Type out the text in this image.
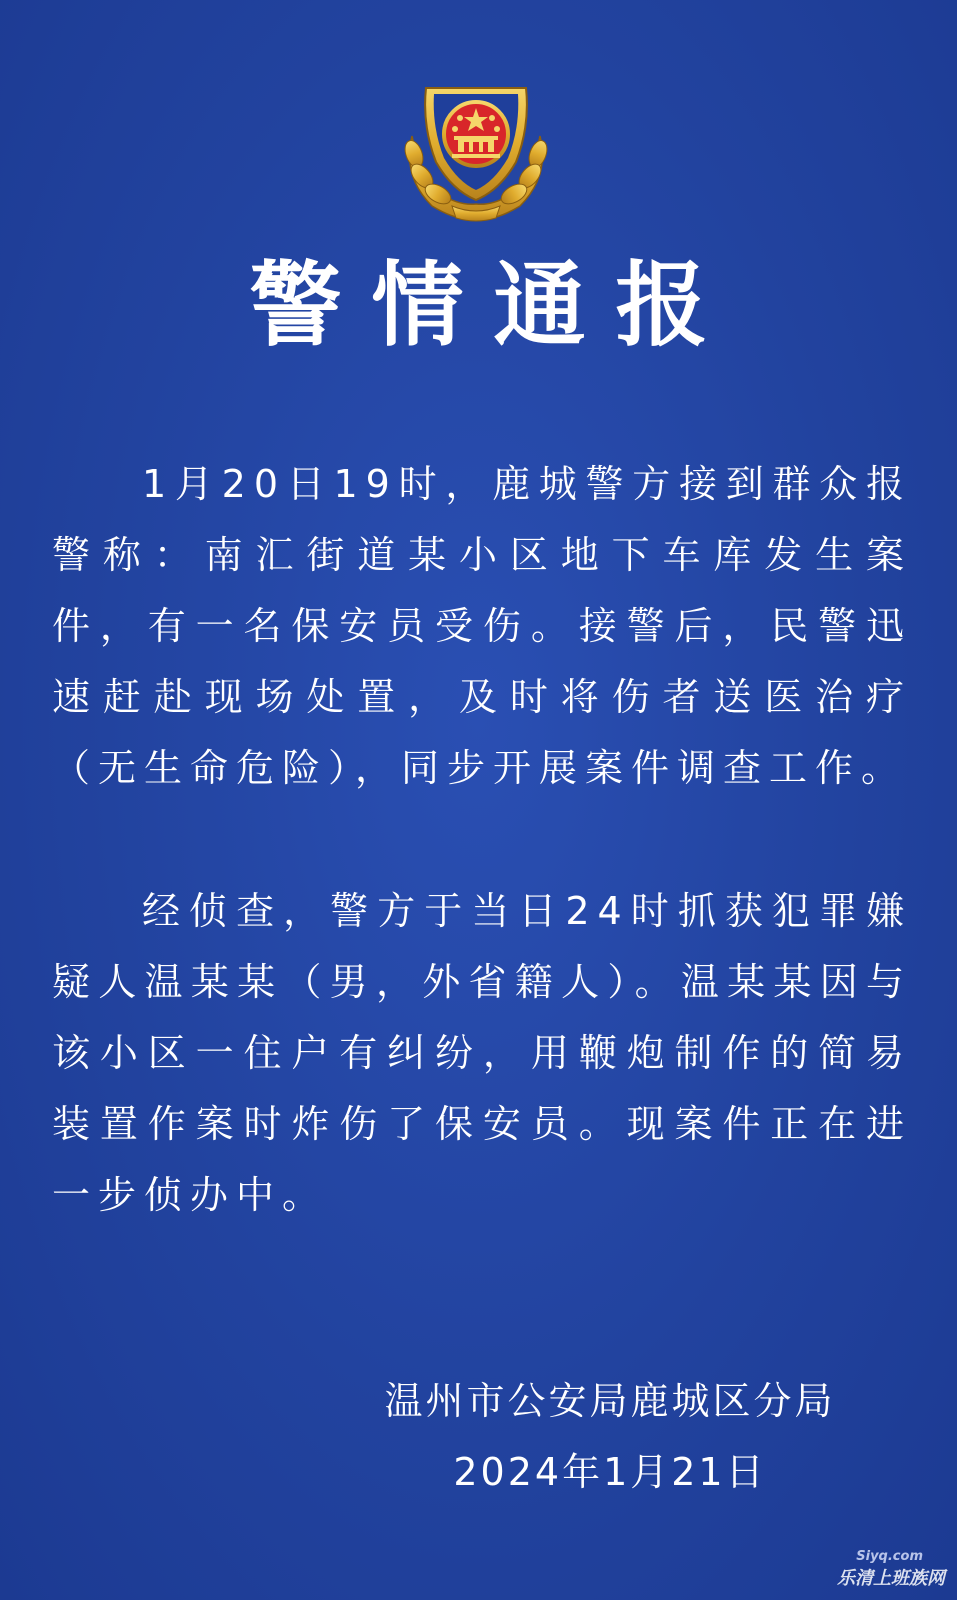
警情通报

1月20日19时，鹿城警方接到群众报警称：南汇街道某小区地下车库发生案件，有一名保安员受伤。接警后，民警迅速赶赴现场处置，及时将伤者送医治疗（无生命危险），同步开展案件调查工作。

经侦查，警方于当日24时抓获犯罪嫌疑人温某某（男，外省籍人）。温某某因与该小区一住户有纠纷，用鞭炮制作的简易装置作案时炸伤了保安员。现案件正在进一步侦办中。

温州市公安局鹿城区分局

2024年1月21日

Siyq.com
乐清上班族网
